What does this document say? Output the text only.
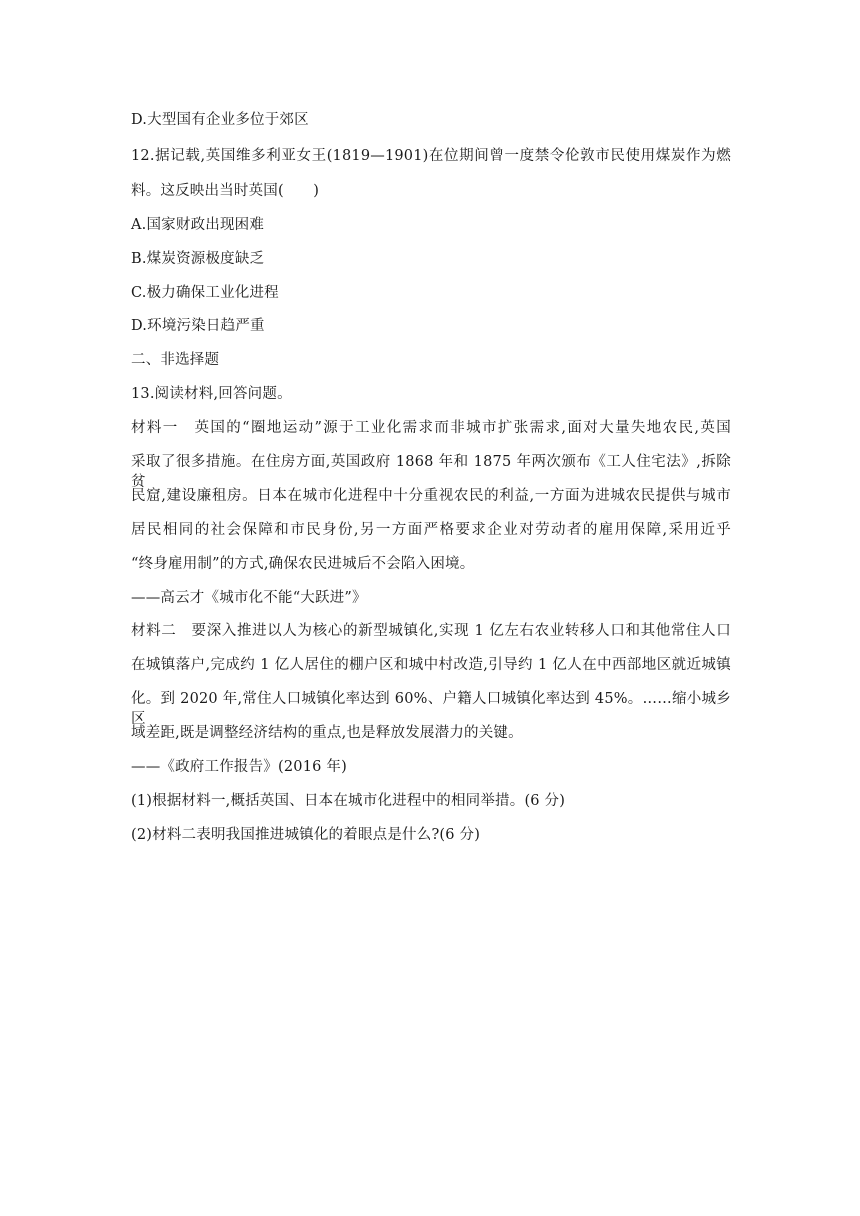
D.大型国有企业多位于郊区
12.据记载,英国维多利亚女王(1819—1901)在位期间曾一度禁令伦敦市民使用煤炭作为燃
料。这反映出当时英国(　　)
A.国家财政出现困难
B.煤炭资源极度缺乏
C.极力确保工业化进程
D.环境污染日趋严重
二、非选择题
13.阅读材料,回答问题。
材料一　英国的“圈地运动”源于工业化需求而非城市扩张需求,面对大量失地农民,英国
采取了很多措施。在住房方面,英国政府 1868 年和 1875 年两次颁布《工人住宅法》,拆除贫
民窟,建设廉租房。日本在城市化进程中十分重视农民的利益,一方面为进城农民提供与城市
居民相同的社会保障和市民身份,另一方面严格要求企业对劳动者的雇用保障,采用近乎
“终身雇用制”的方式,确保农民进城后不会陷入困境。
——高云才《城市化不能“大跃进”》
材料二　要深入推进以人为核心的新型城镇化,实现 1 亿左右农业转移人口和其他常住人口
在城镇落户,完成约 1 亿人居住的棚户区和城中村改造,引导约 1 亿人在中西部地区就近城镇
化。到 2020 年,常住人口城镇化率达到 60%、户籍人口城镇化率达到 45%。……缩小城乡区
域差距,既是调整经济结构的重点,也是释放发展潜力的关键。
——《政府工作报告》(2016 年)
(1)根据材料一,概括英国、日本在城市化进程中的相同举措。(6 分)
(2)材料二表明我国推进城镇化的着眼点是什么?(6 分)
